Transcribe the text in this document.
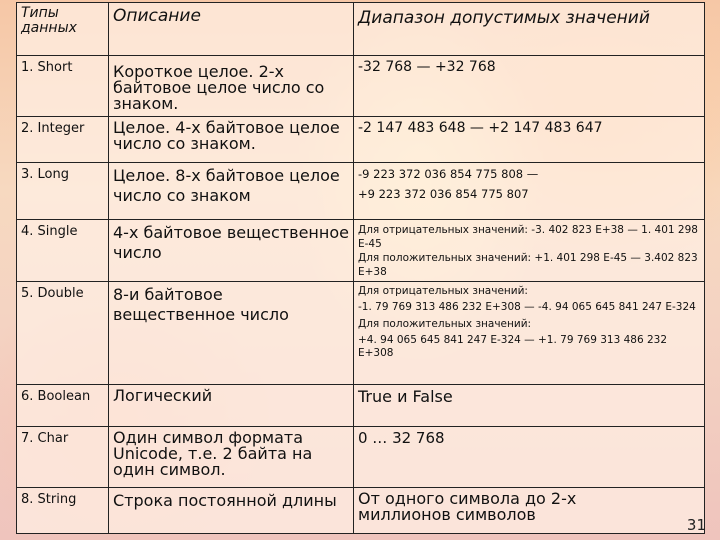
Типы данных	Описание	Диапазон допустимых значений
1. Short	Короткое целое. 2-х байтовое целое число со знаком.	-32 768 — +32 768

2. Integer	Целое. 4-х байтовое целое число со знаком.	-2 147 483 648 — +2 147 483 647

3. Long	Целое. 8-х байтовое целое число со знаком	-9 223 372 036 854 775 808 —

+9 223 372 036 854 775 807

4. Single	4-х байтовое вещественное число	Для отрицательных значений: -3. 402 823 E+38 — 1. 401 298 E-45

Для положительных значений: +1. 401 298 E-45 — 3.402 823 E+38

5. Double	8-и байтовое вещественное число	Для отрицательных значений:

-1. 79 769 313 486 232 E+308 — -4. 94 065 645 841 247 E-324

Для положительных значений:

+4. 94 065 645 841 247 E-324 — +1. 79 769 313 486 232 E+308

6. Boolean	Логический	True и False

7. Char	Один символ формата Unicode, т.е. 2 байта на один символ.	0 … 32 768

8. String	Строка постоянной длины	От одного символа до 2-х миллионов символов

31
